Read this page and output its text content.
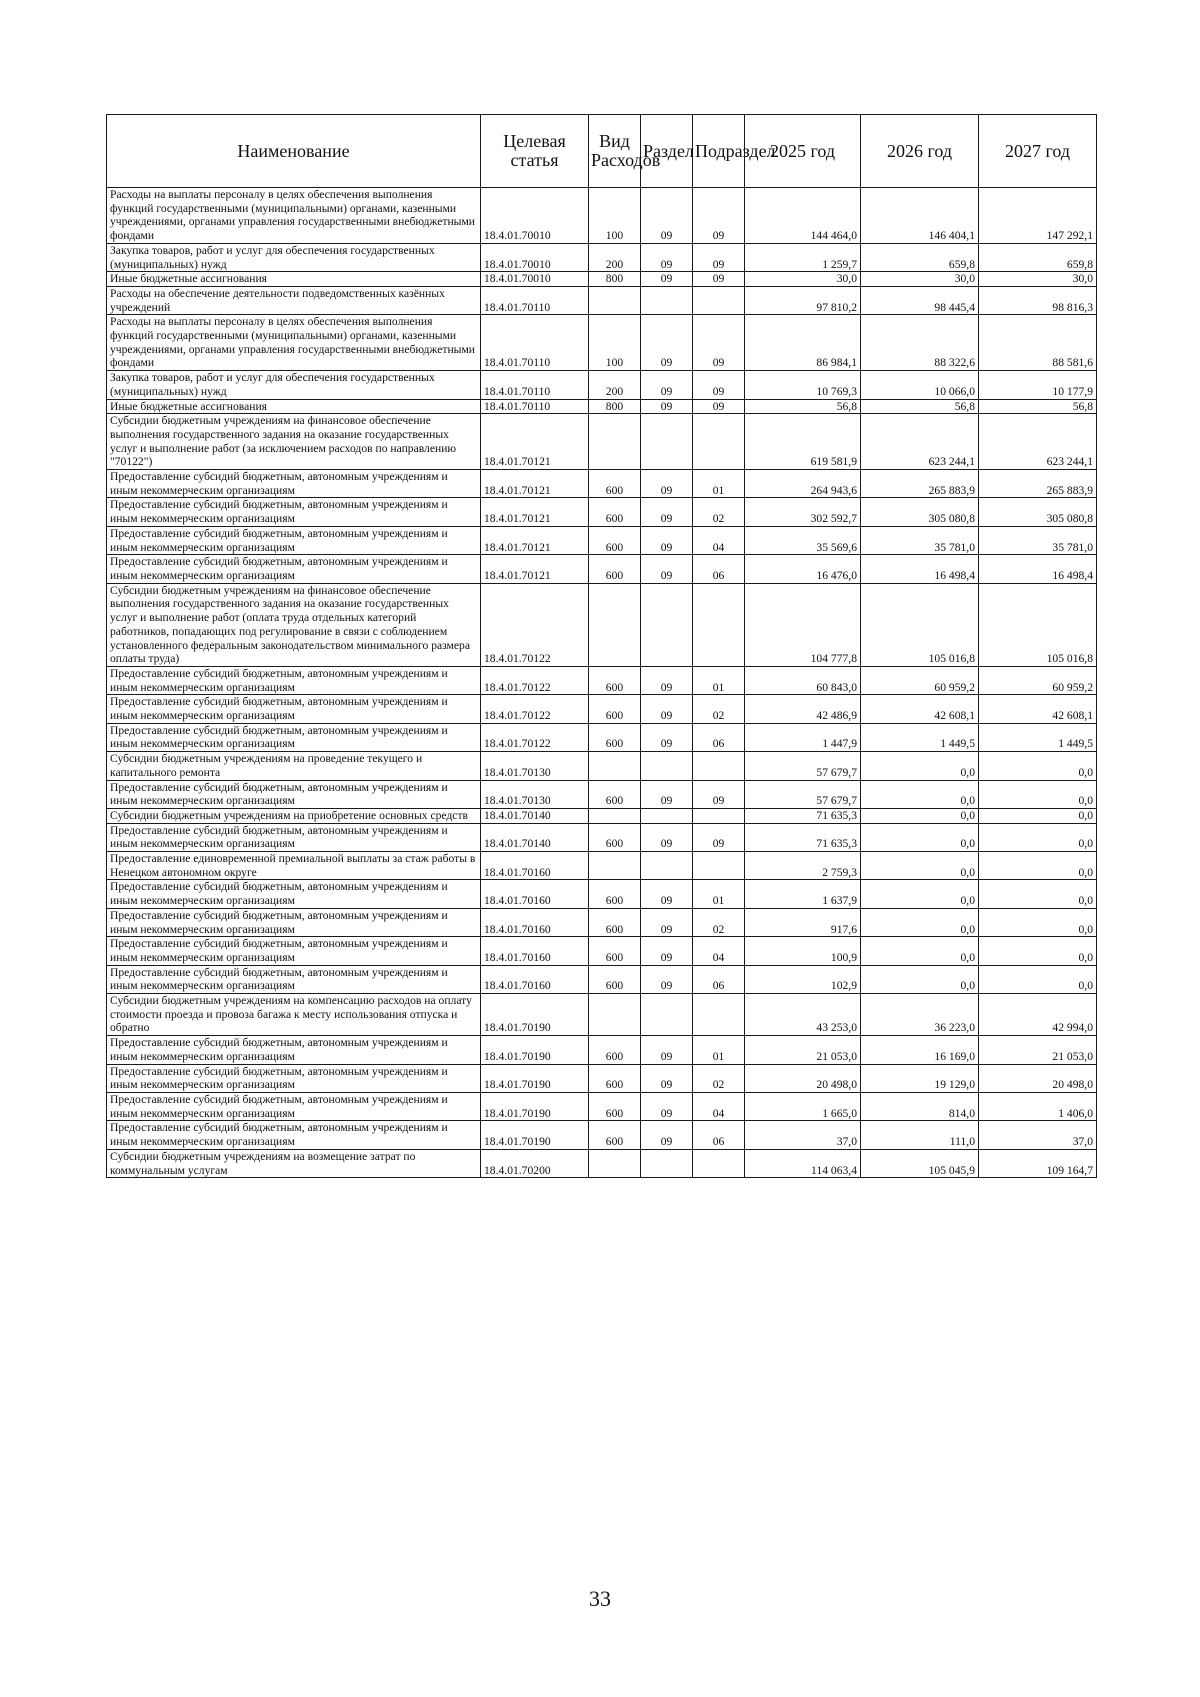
Наименование	Целевая статья	Вид Расходов	Раздел	Подраздел	2025 год	2026 год	2027 год
Расходы на выплаты персоналу в целях обеспечения выполнения функций государственными (муниципальными) органами, казенными учреждениями, органами управления государственными внебюджетными фондами	18.4.01.70010	100	09	09	144 464,0	146 404,1	147 292,1
Закупка товаров, работ и услуг для обеспечения государственных (муниципальных) нужд	18.4.01.70010	200	09	09	1 259,7	659,8	659,8
Иные бюджетные ассигнования	18.4.01.70010	800	09	09	30,0	30,0	30,0
Расходы на обеспечение деятельности подведомственных казённых учреждений	18.4.01.70110				97 810,2	98 445,4	98 816,3
Расходы на выплаты персоналу в целях обеспечения выполнения функций государственными (муниципальными) органами, казенными учреждениями, органами управления государственными внебюджетными фондами	18.4.01.70110	100	09	09	86 984,1	88 322,6	88 581,6
Закупка товаров, работ и услуг для обеспечения государственных (муниципальных) нужд	18.4.01.70110	200	09	09	10 769,3	10 066,0	10 177,9
Иные бюджетные ассигнования	18.4.01.70110	800	09	09	56,8	56,8	56,8
Субсидии бюджетным учреждениям на финансовое обеспечение выполнения государственного задания на оказание государственных услуг и выполнение работ (за исключением расходов по направлению "70122")	18.4.01.70121				619 581,9	623 244,1	623 244,1
Предоставление субсидий бюджетным, автономным учреждениям и иным некоммерческим организациям	18.4.01.70121	600	09	01	264 943,6	265 883,9	265 883,9
Предоставление субсидий бюджетным, автономным учреждениям и иным некоммерческим организациям	18.4.01.70121	600	09	02	302 592,7	305 080,8	305 080,8
Предоставление субсидий бюджетным, автономным учреждениям и иным некоммерческим организациям	18.4.01.70121	600	09	04	35 569,6	35 781,0	35 781,0
Предоставление субсидий бюджетным, автономным учреждениям и иным некоммерческим организациям	18.4.01.70121	600	09	06	16 476,0	16 498,4	16 498,4
Субсидии бюджетным учреждениям на финансовое обеспечение выполнения государственного задания на оказание государственных услуг и выполнение работ (оплата труда отдельных категорий работников, попадающих под регулирование в связи с соблюдением установленного федеральным законодательством минимального размера оплаты труда)	18.4.01.70122				104 777,8	105 016,8	105 016,8
Предоставление субсидий бюджетным, автономным учреждениям и иным некоммерческим организациям	18.4.01.70122	600	09	01	60 843,0	60 959,2	60 959,2
Предоставление субсидий бюджетным, автономным учреждениям и иным некоммерческим организациям	18.4.01.70122	600	09	02	42 486,9	42 608,1	42 608,1
Предоставление субсидий бюджетным, автономным учреждениям и иным некоммерческим организациям	18.4.01.70122	600	09	06	1 447,9	1 449,5	1 449,5
Субсидии бюджетным учреждениям на проведение текущего и капитального ремонта	18.4.01.70130				57 679,7	0,0	0,0
Предоставление субсидий бюджетным, автономным учреждениям и иным некоммерческим организациям	18.4.01.70130	600	09	09	57 679,7	0,0	0,0
Субсидии бюджетным учреждениям на приобретение основных средств	18.4.01.70140				71 635,3	0,0	0,0
Предоставление субсидий бюджетным, автономным учреждениям и иным некоммерческим организациям	18.4.01.70140	600	09	09	71 635,3	0,0	0,0
Предоставление единовременной премиальной выплаты за стаж работы в Ненецком автономном округе	18.4.01.70160				2 759,3	0,0	0,0
Предоставление субсидий бюджетным, автономным учреждениям и иным некоммерческим организациям	18.4.01.70160	600	09	01	1 637,9	0,0	0,0
Предоставление субсидий бюджетным, автономным учреждениям и иным некоммерческим организациям	18.4.01.70160	600	09	02	917,6	0,0	0,0
Предоставление субсидий бюджетным, автономным учреждениям и иным некоммерческим организациям	18.4.01.70160	600	09	04	100,9	0,0	0,0
Предоставление субсидий бюджетным, автономным учреждениям и иным некоммерческим организациям	18.4.01.70160	600	09	06	102,9	0,0	0,0
Субсидии бюджетным учреждениям на компенсацию расходов на оплату стоимости проезда и провоза багажа к месту использования отпуска и обратно	18.4.01.70190				43 253,0	36 223,0	42 994,0
Предоставление субсидий бюджетным, автономным учреждениям и иным некоммерческим организациям	18.4.01.70190	600	09	01	21 053,0	16 169,0	21 053,0
Предоставление субсидий бюджетным, автономным учреждениям и иным некоммерческим организациям	18.4.01.70190	600	09	02	20 498,0	19 129,0	20 498,0
Предоставление субсидий бюджетным, автономным учреждениям и иным некоммерческим организациям	18.4.01.70190	600	09	04	1 665,0	814,0	1 406,0
Предоставление субсидий бюджетным, автономным учреждениям и иным некоммерческим организациям	18.4.01.70190	600	09	06	37,0	111,0	37,0
Субсидии бюджетным учреждениям на возмещение затрат по коммунальным услугам	18.4.01.70200				114 063,4	105 045,9	109 164,7
33
